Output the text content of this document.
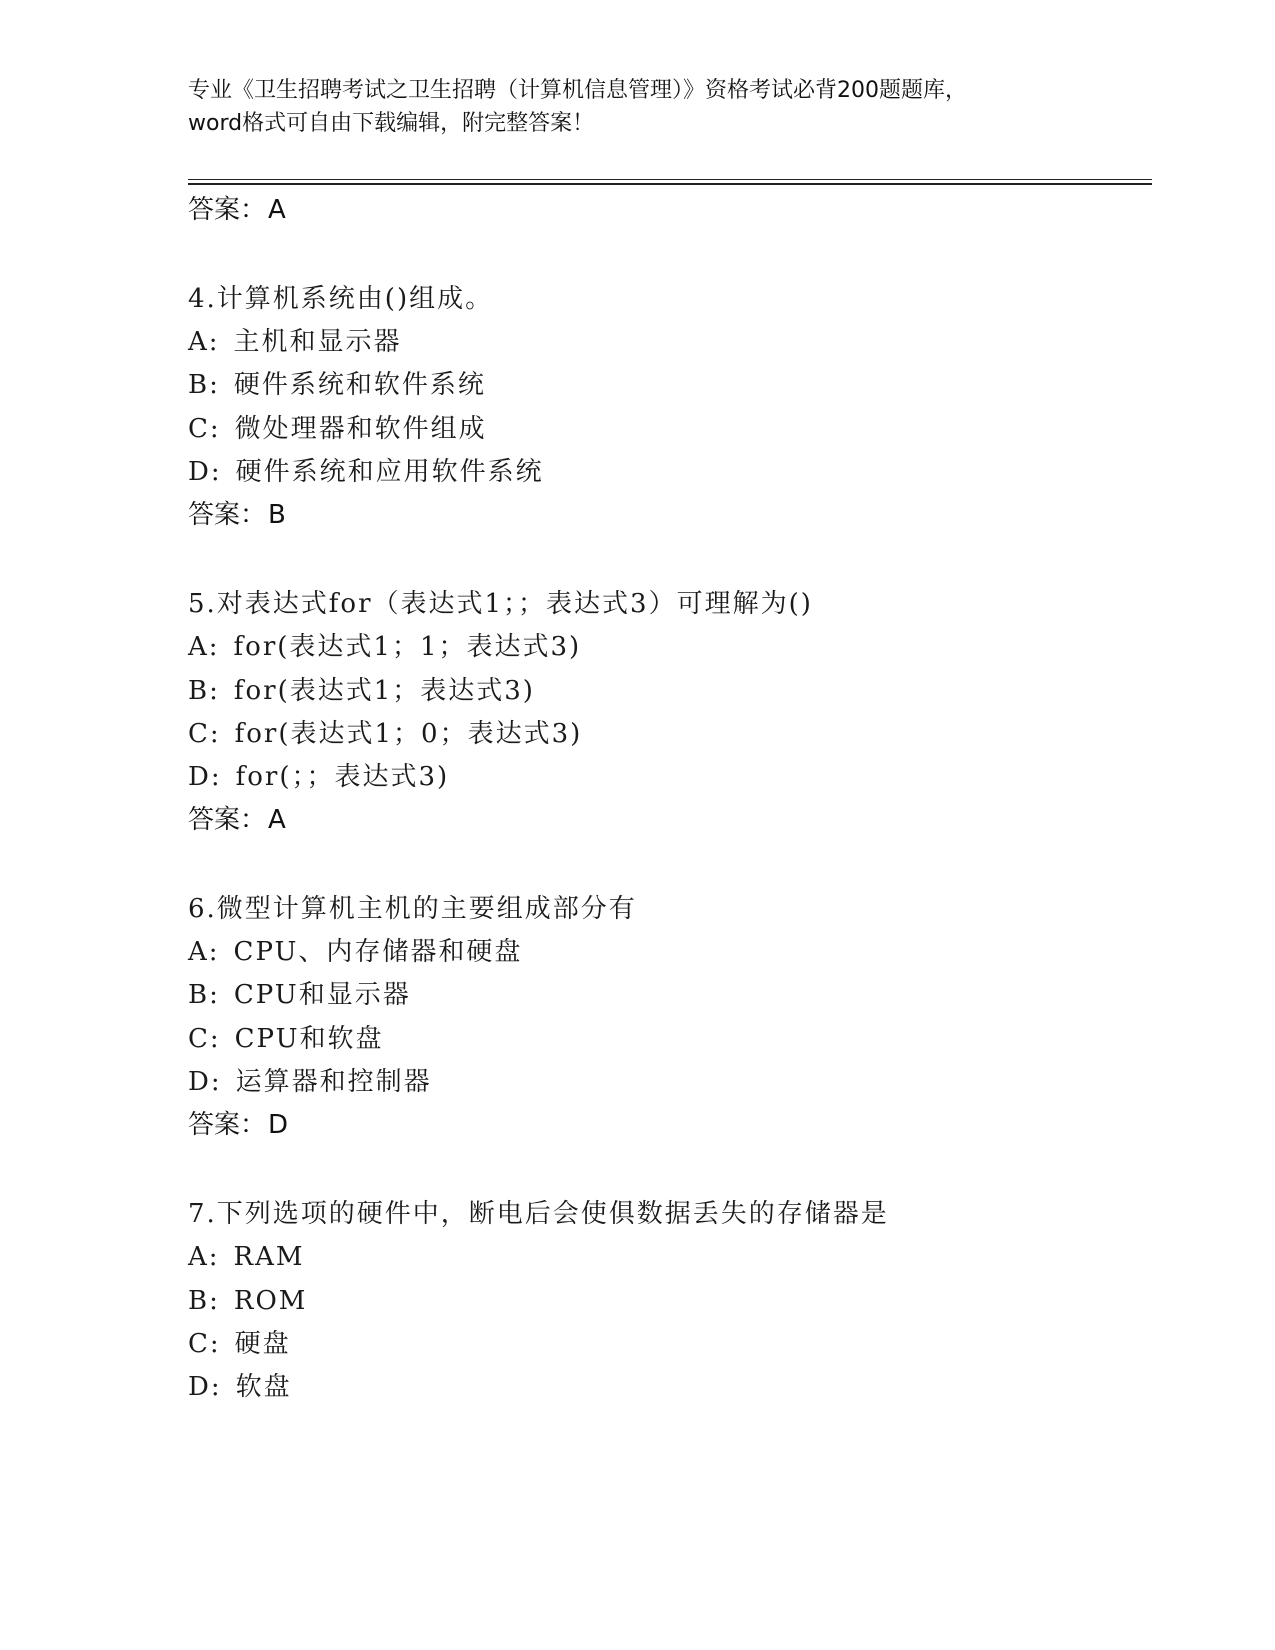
专业《卫生招聘考试之卫生招聘（计算机信息管理）》资格考试必背200题题库，
word格式可自由下载编辑，附完整答案！
答案：A
4.计算机系统由()组成。
A: 主机和显示器
B: 硬件系统和软件系统
C: 微处理器和软件组成
D: 硬件系统和应用软件系统
答案：B
5.对表达式for（表达式1；；表达式3）可理解为()
A: for(表达式1；1；表达式3)
B: for(表达式1；表达式3)
C: for(表达式1；0；表达式3)
D: for(；；表达式3)
答案：A
6.微型计算机主机的主要组成部分有
A: CPU、内存储器和硬盘
B: CPU和显示器
C: CPU和软盘
D: 运算器和控制器
答案：D
7.下列选项的硬件中，断电后会使俱数据丢失的存储器是
A: RAM
B: ROM
C: 硬盘
D: 软盘
